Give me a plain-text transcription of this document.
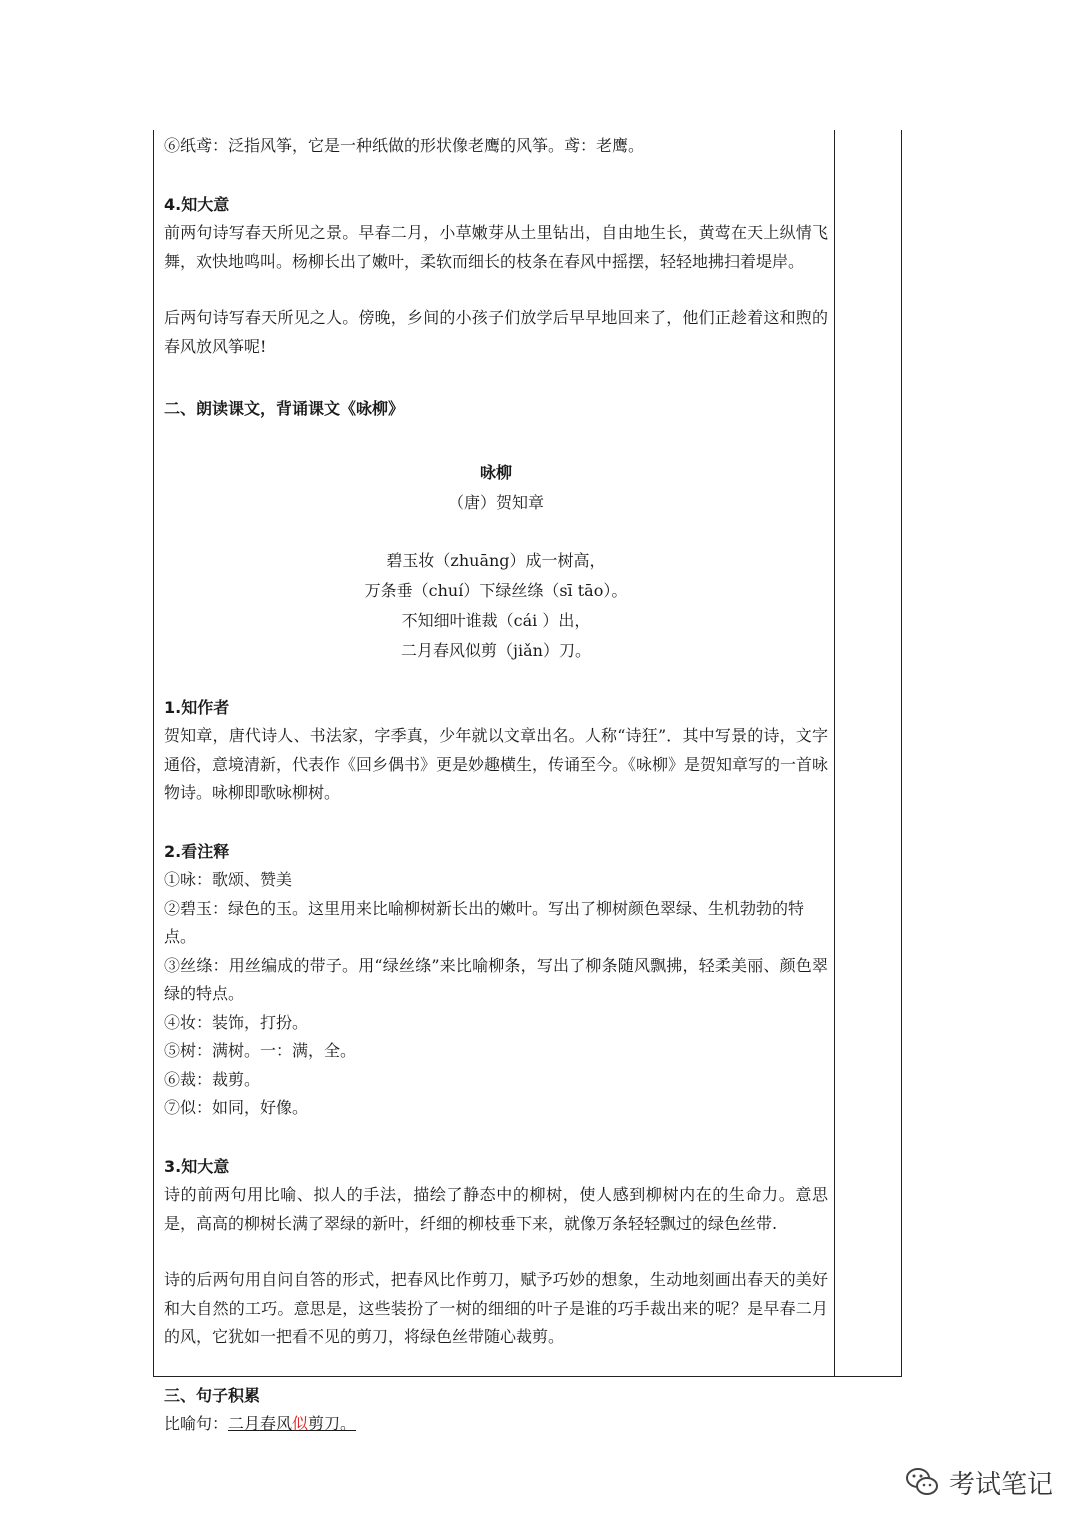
⑥纸鸢：泛指风筝，它是一种纸做的形状像老鹰的风筝。鸢：老鹰。

4.知大意

前两句诗写春天所见之景。早春二月，小草嫩芽从土里钻出，自由地生长，黄莺在天上纵情飞舞，欢快地鸣叫。杨柳长出了嫩叶，柔软而细长的枝条在春风中摇摆，轻轻地拂扫着堤岸。

后两句诗写春天所见之人。傍晚，乡间的小孩子们放学后早早地回来了，他们正趁着这和煦的春风放风筝呢!

二、朗读课文，背诵课文《咏柳》

咏柳

（唐）贺知章

碧玉妆（zhuāng）成一树高，

万条垂（chuí）下绿丝绦（sī tāo）。

不知细叶谁裁（cái ）出，

二月春风似剪（jiǎn）刀。

1.知作者

贺知章，唐代诗人、书法家，字季真，少年就以文章出名。人称“诗狂”．其中写景的诗，文字通俗，意境清新，代表作《回乡偶书》更是妙趣横生，传诵至今。《咏柳》是贺知章写的一首咏物诗。咏柳即歌咏柳树。

2.看注释

①咏：歌颂、赞美

②碧玉：绿色的玉。这里用来比喻柳树新长出的嫩叶。写出了柳树颜色翠绿、生机勃勃的特点。

③丝绦：用丝编成的带子。用“绿丝绦”来比喻柳条，写出了柳条随风飘拂，轻柔美丽、颜色翠绿的特点。

④妆：装饰，打扮。

⑤树：满树。一：满，全。

⑥裁：裁剪。

⑦似：如同，好像。

3.知大意

诗的前两句用比喻、拟人的手法，描绘了静态中的柳树，使人感到柳树内在的生命力。意思是，高高的柳树长满了翠绿的新叶，纤细的柳枝垂下来，就像万条轻轻飘过的绿色丝带.

诗的后两句用自问自答的形式，把春风比作剪刀，赋予巧妙的想象，生动地刻画出春天的美好和大自然的工巧。意思是，这些装扮了一树的细细的叶子是谁的巧手裁出来的呢？是早春二月的风，它犹如一把看不见的剪刀，将绿色丝带随心裁剪。

三、句子积累

比喻句：二月春风似剪刀。

考试笔记
